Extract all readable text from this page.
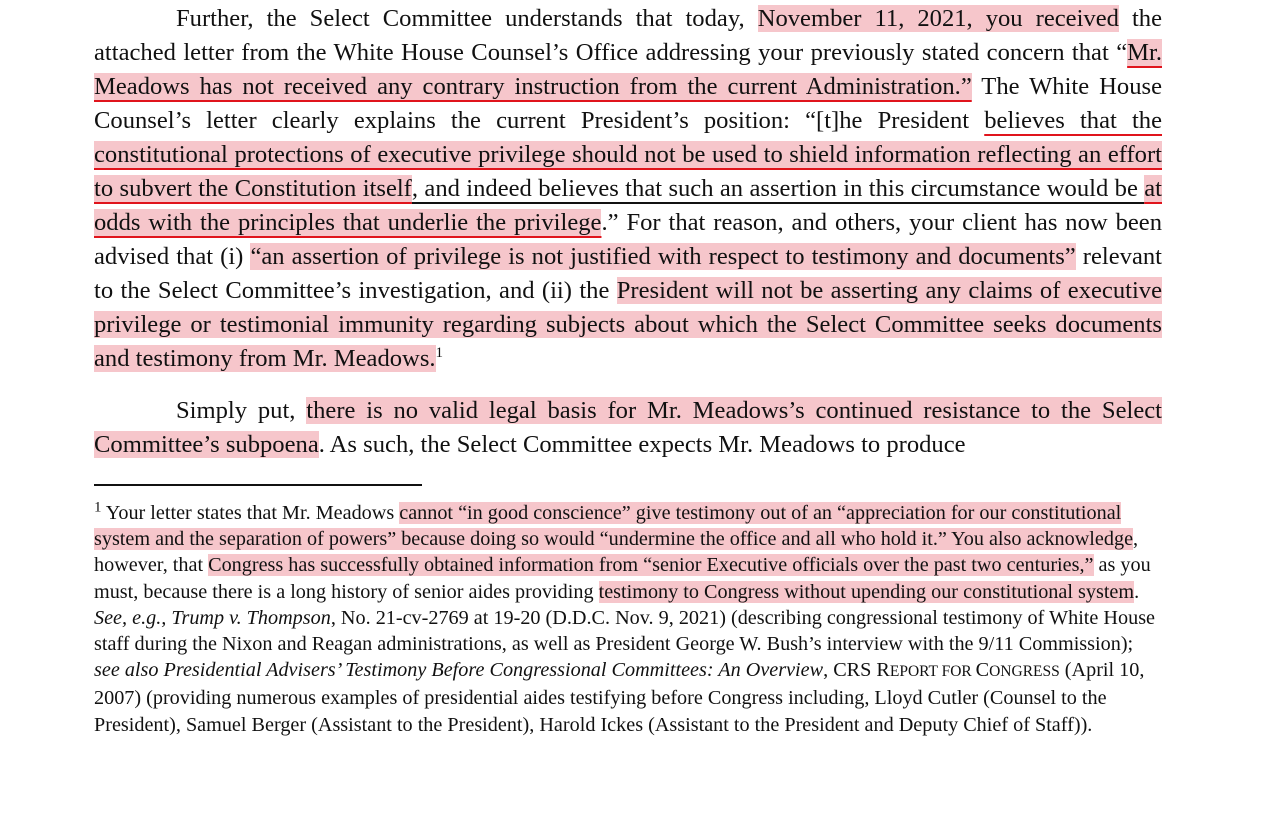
Further, the Select Committee understands that today, November 11, 2021, you received the attached letter from the White House Counsel’s Office addressing your previously stated concern that “Mr. Meadows has not received any contrary instruction from the current Administration.” The White House Counsel’s letter clearly explains the current President’s position: “[t]he President believes that the constitutional protections of executive privilege should not be used to shield information reflecting an effort to subvert the Constitution itself, and indeed believes that such an assertion in this circumstance would be at odds with the principles that underlie the privilege.” For that reason, and others, your client has now been advised that (i) “an assertion of privilege is not justified with respect to testimony and documents” relevant to the Select Committee’s investigation, and (ii) the President will not be asserting any claims of executive privilege or testimonial immunity regarding subjects about which the Select Committee seeks documents and testimony from Mr. Meadows.$^1$

Simply put, there is no valid legal basis for Mr. Meadows’s continued resistance to the Select Committee’s subpoena. As such, the Select Committee expects Mr. Meadows to produce

$^1$ Your letter states that Mr. Meadows cannot “in good conscience” give testimony out of an “appreciation for our constitutional system and the separation of powers” because doing so would “undermine the office and all who hold it.” You also acknowledge, however, that Congress has successfully obtained information from “senior Executive officials over the past two centuries,” as you must, because there is a long history of senior aides providing testimony to Congress without upending our constitutional system. See, e.g., Trump v. Thompson, No. 21-cv-2769 at 19-20 (D.D.C. Nov. 9, 2021) (describing congressional testimony of White House staff during the Nixon and Reagan administrations, as well as President George W. Bush’s interview with the 9/11 Commission); see also Presidential Advisers’ Testimony Before Congressional Committees: An Overview, CRS REPORT FOR CONGRESS (April 10, 2007) (providing numerous examples of presidential aides testifying before Congress including, Lloyd Cutler (Counsel to the President), Samuel Berger (Assistant to the President), Harold Ickes (Assistant to the President and Deputy Chief of Staff)).
